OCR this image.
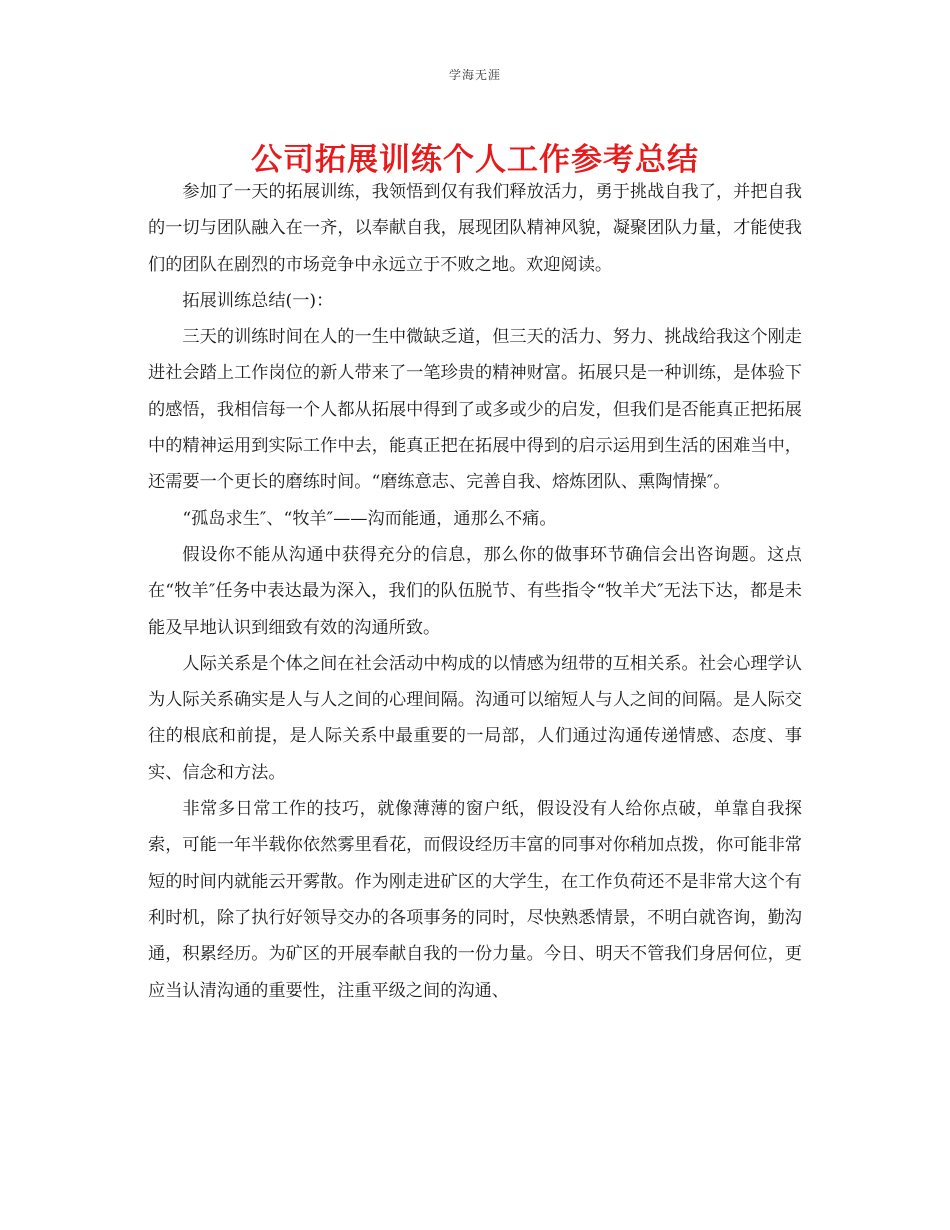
学海无涯
公司拓展训练个人工作参考总结

参加了一天的拓展训练，我领悟到仅有我们释放活力，勇于挑战自我了，并把自我的一切与团队融入在一齐，以奉献自我，展现团队精神风貌，凝聚团队力量，才能使我们的团队在剧烈的市场竞争中永远立于不败之地。欢迎阅读。

拓展训练总结(一)：

三天的训练时间在人的一生中微缺乏道，但三天的活力、努力、挑战给我这个刚走进社会踏上工作岗位的新人带来了一笔珍贵的精神财富。拓展只是一种训练，是体验下的感悟，我相信每一个人都从拓展中得到了或多或少的启发，但我们是否能真正把拓展中的精神运用到实际工作中去，能真正把在拓展中得到的启示运用到生活的困难当中，还需要一个更长的磨练时间。“磨练意志、完善自我、熔炼团队、熏陶情操″。

“孤岛求生″、“牧羊″——沟而能通，通那么不痛。

假设你不能从沟通中获得充分的信息，那么你的做事环节确信会出咨询题。这点在“牧羊″任务中表达最为深入，我们的队伍脱节、有些指令“牧羊犬″无法下达，都是未能及早地认识到细致有效的沟通所致。

人际关系是个体之间在社会活动中构成的以情感为纽带的互相关系。社会心理学认为人际关系确实是人与人之间的心理间隔。沟通可以缩短人与人之间的间隔。是人际交往的根底和前提，是人际关系中最重要的一局部，人们通过沟通传递情感、态度、事实、信念和方法。

非常多日常工作的技巧，就像薄薄的窗户纸，假设没有人给你点破，单靠自我探索，可能一年半载你依然雾里看花，而假设经历丰富的同事对你稍加点拨，你可能非常短的时间内就能云开雾散。作为刚走进矿区的大学生，在工作负荷还不是非常大这个有利时机，除了执行好领导交办的各项事务的同时，尽快熟悉情景，不明白就咨询，勤沟通，积累经历。为矿区的开展奉献自我的一份力量。今日、明天不管我们身居何位，更应当认清沟通的重要性，注重平级之间的沟通、
